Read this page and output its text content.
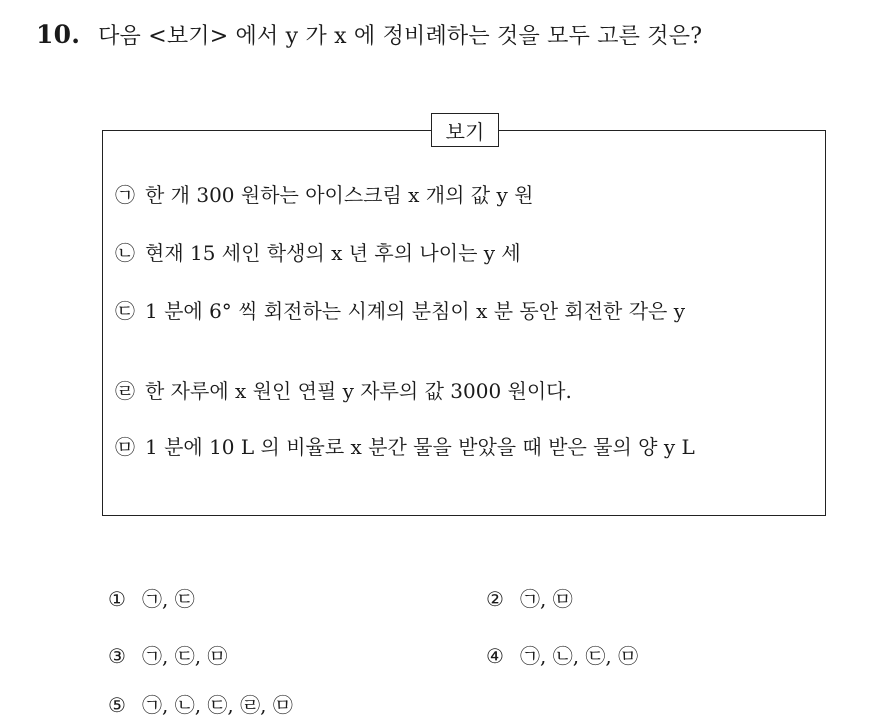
10. 다음 <보기> 에서 y 가 x 에 정비례하는 것을 모두 고른 것은?
보기
㉠ 한 개 300 원하는 아이스크림 x 개의 값 y 원
㉡ 현재 15 세인 학생의 x 년 후의 나이는 y 세
㉢ 1 분에 6° 씩 회전하는 시계의 분침이 x 분 동안 회전한 각은 y
㉣ 한 자루에 x 원인 연필 y 자루의 값 3000 원이다.
㉤ 1 분에 10 L 의 비율로 x 분간 물을 받았을 때 받은 물의 양 y L
① ㉠, ㉢	② ㉠, ㉤
③ ㉠, ㉢, ㉤	④ ㉠, ㉡, ㉢, ㉤
⑤ ㉠, ㉡, ㉢, ㉣, ㉤
